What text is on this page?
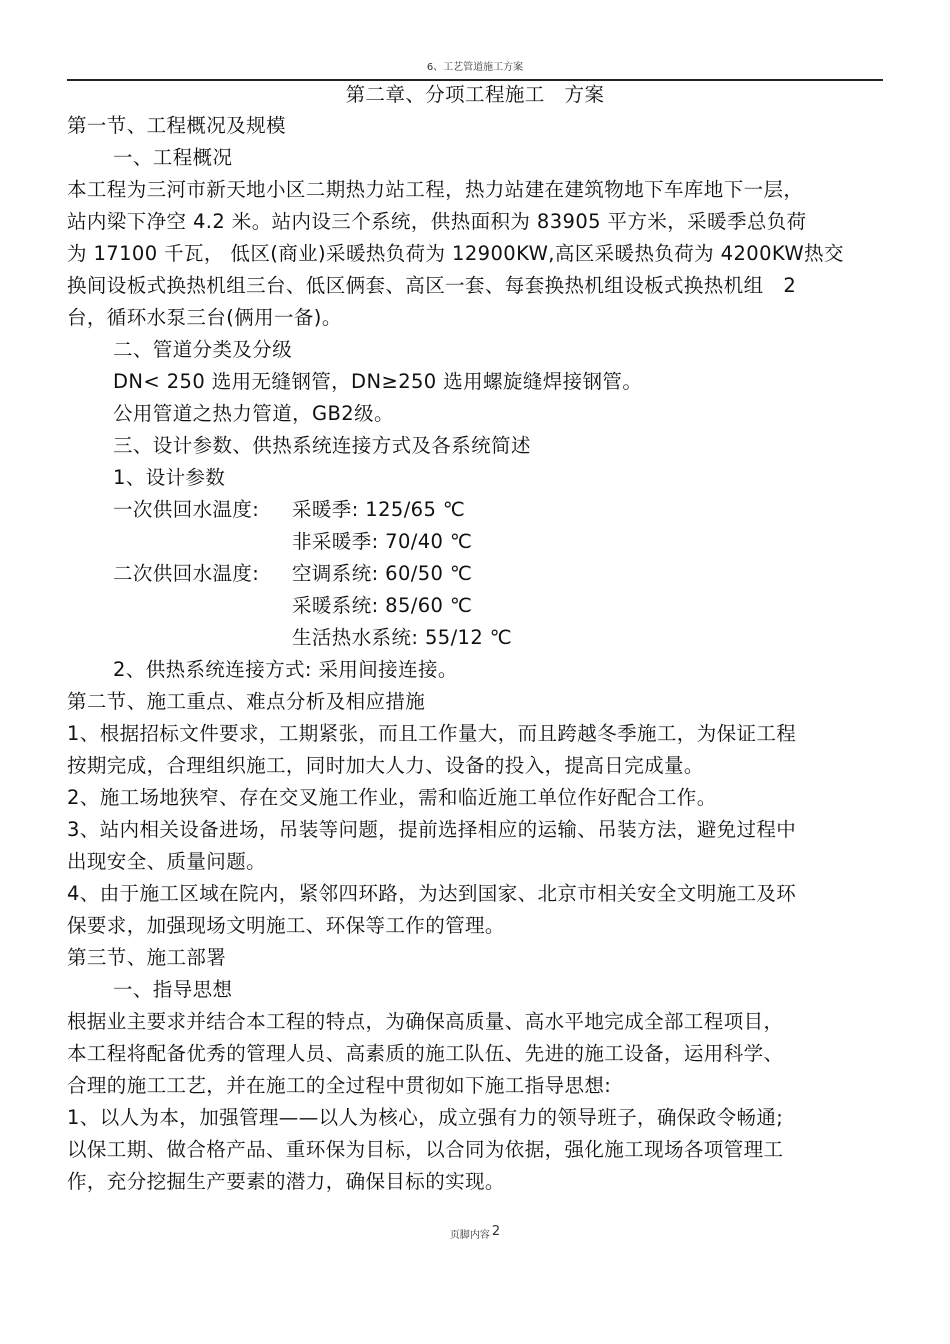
6、工艺管道施工方案
第二章、分项工程施工　方案
第一节、工程概况及规模
一、工程概况
本工程为三河市新天地小区二期热力站工程，热力站建在建筑物地下车库地下一层，
站内梁下净空 4.2 米。站内设三个系统，供热面积为 83905 平方米，采暖季总负荷
为 17100 千瓦， 低区(商业)采暖热负荷为 12900KW,高区采暖热负荷为 4200KW热交
换间设板式换热机组三台、低区俩套、高区一套、每套换热机组设板式换热机组　2
台，循环水泵三台(俩用一备)。
二、管道分类及分级
DN< 250 选用无缝钢管，DN≥250 选用螺旋缝焊接钢管。
公用管道之热力管道，GB2级。
三、设计参数、供热系统连接方式及各系统简述
1、设计参数
一次供回水温度: 采暖季: 125/65 ℃
非采暖季: 70/40 ℃
二次供回水温度: 空调系统: 60/50 ℃
采暖系统: 85/60 ℃
生活热水系统: 55/12 ℃
2、供热系统连接方式: 采用间接连接。
第二节、施工重点、难点分析及相应措施
1、根据招标文件要求，工期紧张，而且工作量大，而且跨越冬季施工，为保证工程
按期完成，合理组织施工，同时加大人力、设备的投入，提高日完成量。
2、施工场地狭窄、存在交叉施工作业，需和临近施工单位作好配合工作。
3、站内相关设备进场，吊装等问题，提前选择相应的运输、吊装方法，避免过程中
出现安全、质量问题。
4、由于施工区域在院内，紧邻四环路，为达到国家、北京市相关安全文明施工及环
保要求，加强现场文明施工、环保等工作的管理。
第三节、施工部署
一、指导思想
根据业主要求并结合本工程的特点，为确保高质量、高水平地完成全部工程项目，
本工程将配备优秀的管理人员、高素质的施工队伍、先进的施工设备，运用科学、
合理的施工工艺，并在施工的全过程中贯彻如下施工指导思想:
1、以人为本，加强管理——以人为核心，成立强有力的领导班子，确保政令畅通;
以保工期、做合格产品、重环保为目标，以合同为依据，强化施工现场各项管理工
作，充分挖掘生产要素的潜力，确保目标的实现。
页脚内容 2
